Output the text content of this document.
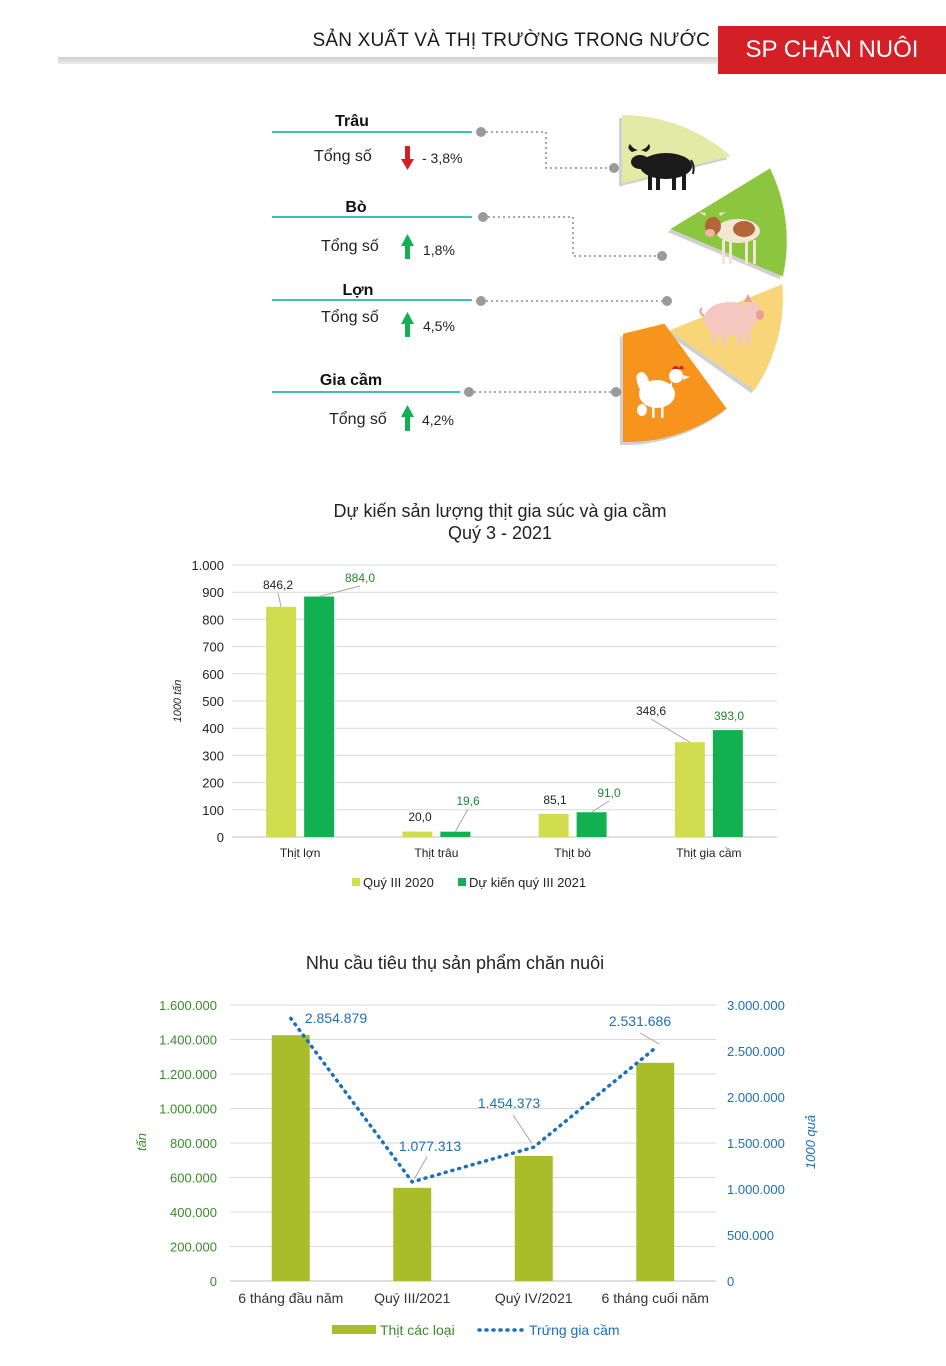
SẢN XUẤT VÀ THỊ TRƯỜNG TRONG NƯỚC	SP CHĂN NUÔI
Trâu
Tổng số	- 3,8%
Bò
Tổng số	1,8%
Lợn
Tổng số	4,5%
Gia cầm
Tổng số	4,2%
Dự kiến sản lượng thịt gia súc và gia cầm
Quý 3 - 2021
0
100
200
300
400
500
600
700
800
900
1.000
1000 tấn
Thịt lợn
846,2	884,0
Thịt trâu
20,0
19,6
Thịt bò
85,1	91,0
Thịt gia cầm
348,6	393,0
Quý III 2020	Dự kiến quý III 2021
Nhu cầu tiêu thụ sản phẩm chăn nuôi
0
200.000
400.000
600.000
800.000
1.000.000
1.200.000
1.400.000
1.600.000
0
500.000
1.000.000
1.500.000
2.000.000
2.500.000
3.000.000
tấn	1000 quả
6 tháng đầu năm Quý III/2021	Quý IV/2021 6 tháng cuối năm
2.854.879
1.077.313
1.454.373
2.531.686
Thịt các loại	Trứng gia cầm
